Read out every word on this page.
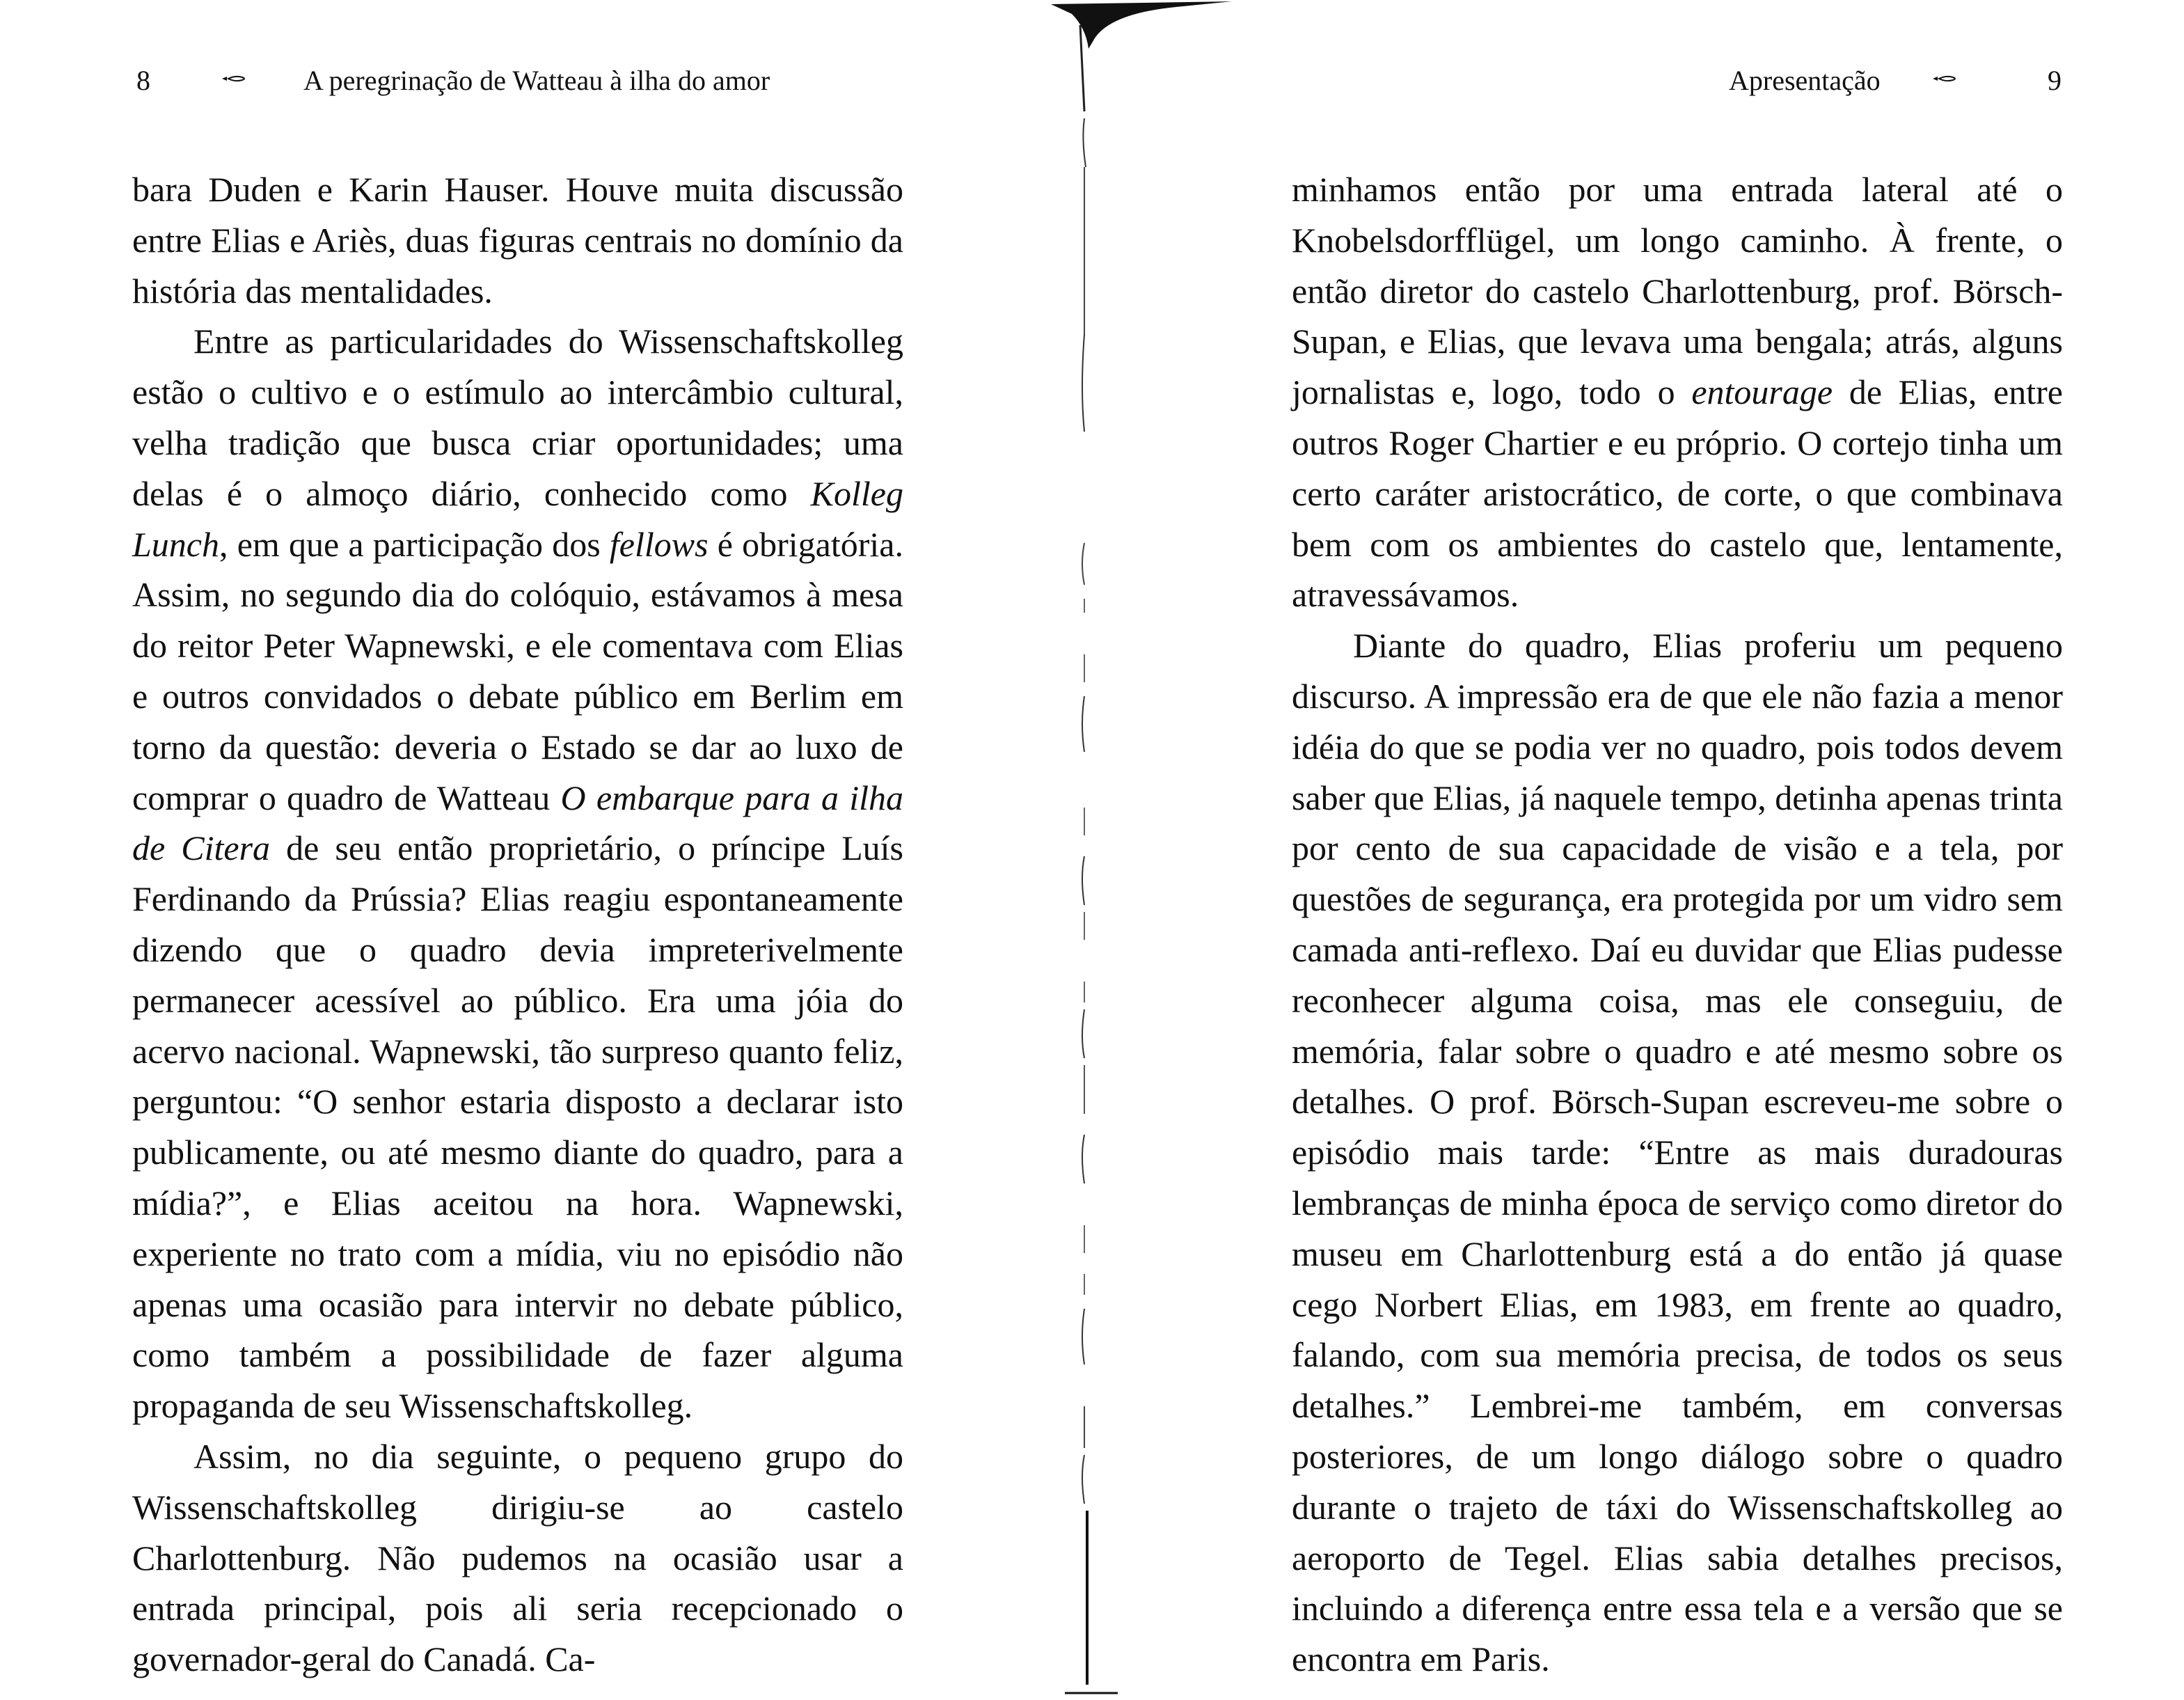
8	A peregrinação de Watteau à ilha do amor	Apresentação	9

bara Duden e Karin Hauser. Houve muita discussão entre Elias e Ariès, duas figuras centrais no domínio da história das mentalidades.

Entre as particularidades do Wissenschaftskolleg estão o cultivo e o estímulo ao intercâmbio cultural, velha tradição que busca criar oportunidades; uma delas é o almoço diário, conhecido como Kolleg Lunch, em que a participação dos fellows é obrigatória. Assim, no segundo dia do colóquio, estávamos à mesa do reitor Peter Wapnewski, e ele comentava com Elias e outros convidados o debate público em Berlim em torno da questão: deveria o Estado se dar ao luxo de comprar o quadro de Watteau O embarque para a ilha de Citera de seu então proprietário, o príncipe Luís Ferdinando da Prússia? Elias reagiu espontaneamente dizendo que o quadro devia impreterivelmente permanecer acessível ao público. Era uma jóia do acervo nacional. Wapnewski, tão surpreso quanto feliz, perguntou: “O senhor estaria disposto a declarar isto publicamente, ou até mesmo diante do quadro, para a mídia?”, e Elias aceitou na hora. Wapnewski, experiente no trato com a mídia, viu no episódio não apenas uma ocasião para intervir no debate público, como também a possibilidade de fazer alguma propaganda de seu Wissenschaftskolleg.

Assim, no dia seguinte, o pequeno grupo do Wissenschaftskolleg dirigiu-se ao castelo Charlottenburg. Não pudemos na ocasião usar a entrada principal, pois ali seria recepcionado o governador-geral do Canadá. Ca-

minhamos então por uma entrada lateral até o Knobelsdorfflügel, um longo caminho. À frente, o então diretor do castelo Charlottenburg, prof. Börsch-Supan, e Elias, que levava uma bengala; atrás, alguns jornalistas e, logo, todo o entourage de Elias, entre outros Roger Chartier e eu próprio. O cortejo tinha um certo caráter aristocrático, de corte, o que combinava bem com os ambientes do castelo que, lentamente, atravessávamos.

Diante do quadro, Elias proferiu um pequeno discurso. A impressão era de que ele não fazia a menor idéia do que se podia ver no quadro, pois todos devem saber que Elias, já naquele tempo, detinha apenas trinta por cento de sua capacidade de visão e a tela, por questões de segurança, era protegida por um vidro sem camada anti-reflexo. Daí eu duvidar que Elias pudesse reconhecer alguma coisa, mas ele conseguiu, de memória, falar sobre o quadro e até mesmo sobre os detalhes. O prof. Börsch-Supan escreveu-me sobre o episódio mais tarde: “Entre as mais duradouras lembranças de minha época de serviço como diretor do museu em Charlottenburg está a do então já quase cego Norbert Elias, em 1983, em frente ao quadro, falando, com sua memória precisa, de todos os seus detalhes.” Lembrei-me também, em conversas posteriores, de um longo diálogo sobre o quadro durante o trajeto de táxi do Wissenschaftskolleg ao aeroporto de Tegel. Elias sabia detalhes precisos, incluindo a diferença entre essa tela e a versão que se encontra em Paris.
